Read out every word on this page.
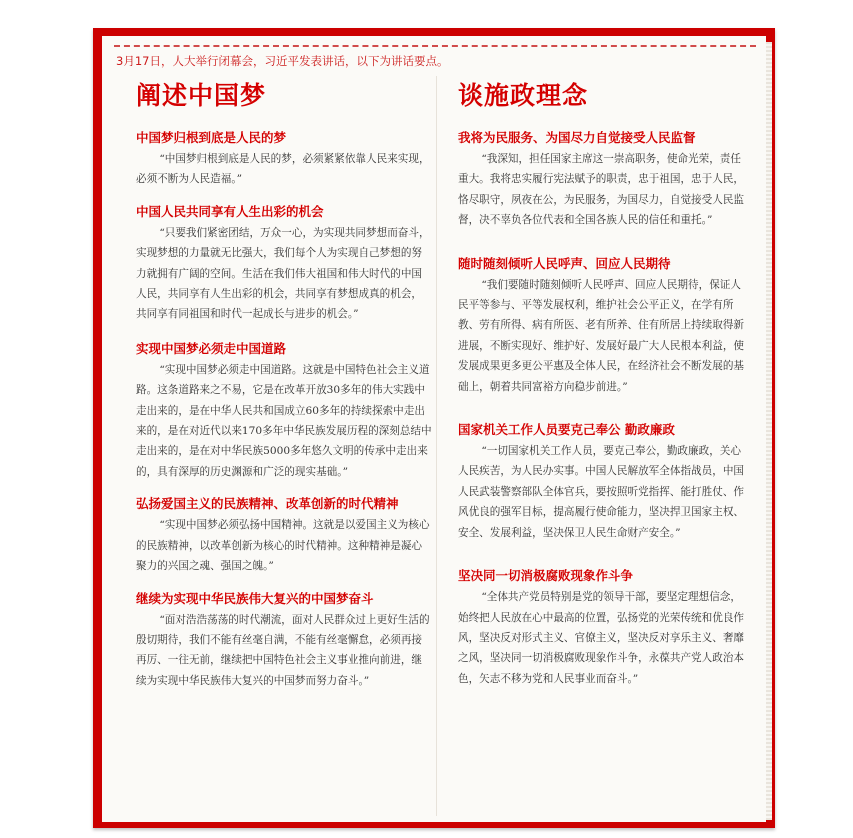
3月17日，人大举行闭幕会，习近平发表讲话，以下为讲话要点。
阐述中国梦
中国梦归根到底是人民的梦

“中国梦归根到底是人民的梦，必须紧紧依靠人民来实现，必须不断为人民造福。”

中国人民共同享有人生出彩的机会

“只要我们紧密团结，万众一心，为实现共同梦想而奋斗，实现梦想的力量就无比强大，我们每个人为实现自己梦想的努力就拥有广阔的空间。生活在我们伟大祖国和伟大时代的中国人民，共同享有人生出彩的机会，共同享有梦想成真的机会，共同享有同祖国和时代一起成长与进步的机会。”

实现中国梦必须走中国道路

“实现中国梦必须走中国道路。这就是中国特色社会主义道路。这条道路来之不易，它是在改革开放30多年的伟大实践中走出来的，是在中华人民共和国成立60多年的持续探索中走出来的，是在对近代以来170多年中华民族发展历程的深刻总结中走出来的，是在对中华民族5000多年悠久文明的传承中走出来的，具有深厚的历史渊源和广泛的现实基础。”

弘扬爱国主义的民族精神、改革创新的时代精神

“实现中国梦必须弘扬中国精神。这就是以爱国主义为核心的民族精神，以改革创新为核心的时代精神。这种精神是凝心聚力的兴国之魂、强国之魄。”

继续为实现中华民族伟大复兴的中国梦奋斗

“面对浩浩荡荡的时代潮流，面对人民群众过上更好生活的殷切期待，我们不能有丝毫自满，不能有丝毫懈怠，必须再接再厉、一往无前，继续把中国特色社会主义事业推向前进，继续为实现中华民族伟大复兴的中国梦而努力奋斗。”

谈施政理念
我将为民服务、为国尽力自觉接受人民监督

“我深知，担任国家主席这一崇高职务，使命光荣，责任重大。我将忠实履行宪法赋予的职责，忠于祖国，忠于人民，恪尽职守，夙夜在公，为民服务，为国尽力，自觉接受人民监督，决不辜负各位代表和全国各族人民的信任和重托。”

随时随刻倾听人民呼声、回应人民期待

“我们要随时随刻倾听人民呼声、回应人民期待，保证人民平等参与、平等发展权利，维护社会公平正义，在学有所教、劳有所得、病有所医、老有所养、住有所居上持续取得新进展，不断实现好、维护好、发展好最广大人民根本利益，使发展成果更多更公平惠及全体人民，在经济社会不断发展的基础上，朝着共同富裕方向稳步前进。”

国家机关工作人员要克己奉公 勤政廉政

“一切国家机关工作人员，要克己奉公，勤政廉政，关心人民疾苦，为人民办实事。中国人民解放军全体指战员，中国人民武装警察部队全体官兵，要按照听党指挥、能打胜仗、作风优良的强军目标，提高履行使命能力，坚决捍卫国家主权、安全、发展利益，坚决保卫人民生命财产安全。”

坚决同一切消极腐败现象作斗争

“全体共产党员特别是党的领导干部，要坚定理想信念，始终把人民放在心中最高的位置，弘扬党的光荣传统和优良作风，坚决反对形式主义、官僚主义，坚决反对享乐主义、奢靡之风，坚决同一切消极腐败现象作斗争，永葆共产党人政治本色，矢志不移为党和人民事业而奋斗。”
